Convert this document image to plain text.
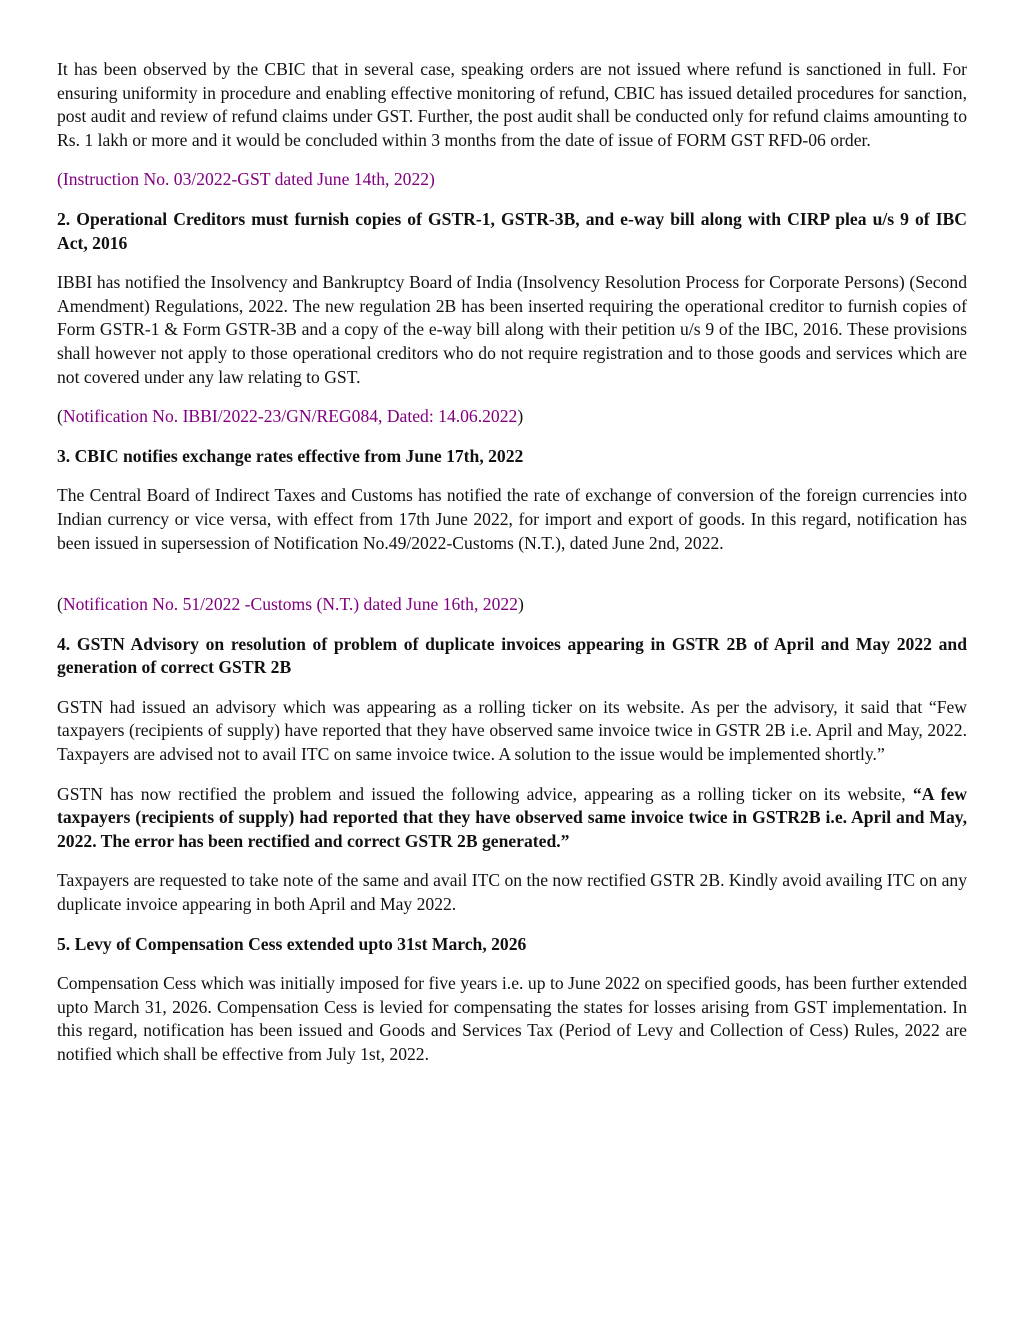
It has been observed by the CBIC that in several case, speaking orders are not issued where refund is sanctioned in full. For ensuring uniformity in procedure and enabling effective monitoring of refund, CBIC has issued detailed procedures for sanction, post audit and review of refund claims under GST. Further, the post audit shall be conducted only for refund claims amounting to Rs. 1 lakh or more and it would be concluded within 3 months from the date of issue of FORM GST RFD-06 order.

(Instruction No. 03/2022-GST dated June 14th, 2022)

2. Operational Creditors must furnish copies of GSTR-1, GSTR-3B, and e-way bill along with CIRP plea u/s 9 of IBC Act, 2016

IBBI has notified the Insolvency and Bankruptcy Board of India (Insolvency Resolution Process for Corporate Persons) (Second Amendment) Regulations, 2022. The new regulation 2B has been inserted requiring the operational creditor to furnish copies of Form GSTR-1 & Form GSTR-3B and a copy of the e-way bill along with their petition u/s 9 of the IBC, 2016. These provisions shall however not apply to those operational creditors who do not require registration and to those goods and services which are not covered under any law relating to GST.

(Notification No. IBBI/2022-23/GN/REG084, Dated: 14.06.2022)

3. CBIC notifies exchange rates effective from June 17th, 2022

The Central Board of Indirect Taxes and Customs has notified the rate of exchange of conversion of the foreign currencies into Indian currency or vice versa, with effect from 17th June 2022, for import and export of goods. In this regard, notification has been issued in supersession of Notification No.49/2022-Customs (N.T.), dated June 2nd, 2022.

(Notification No. 51/2022 -Customs (N.T.) dated June 16th, 2022)

4. GSTN Advisory on resolution of problem of duplicate invoices appearing in GSTR 2B of April and May 2022 and generation of correct GSTR 2B

GSTN had issued an advisory which was appearing as a rolling ticker on its website. As per the advisory, it said that “Few taxpayers (recipients of supply) have reported that they have observed same invoice twice in GSTR 2B i.e. April and May, 2022. Taxpayers are advised not to avail ITC on same invoice twice. A solution to the issue would be implemented shortly.”

GSTN has now rectified the problem and issued the following advice, appearing as a rolling ticker on its website, “A few taxpayers (recipients of supply) had reported that they have observed same invoice twice in GSTR2B i.e. April and May, 2022. The error has been rectified and correct GSTR 2B generated.”

Taxpayers are requested to take note of the same and avail ITC on the now rectified GSTR 2B. Kindly avoid availing ITC on any duplicate invoice appearing in both April and May 2022.

5. Levy of Compensation Cess extended upto 31st March, 2026

Compensation Cess which was initially imposed for five years i.e. up to June 2022 on specified goods, has been further extended upto March 31, 2026. Compensation Cess is levied for compensating the states for losses arising from GST implementation. In this regard, notification has been issued and Goods and Services Tax (Period of Levy and Collection of Cess) Rules, 2022 are notified which shall be effective from July 1st, 2022.
